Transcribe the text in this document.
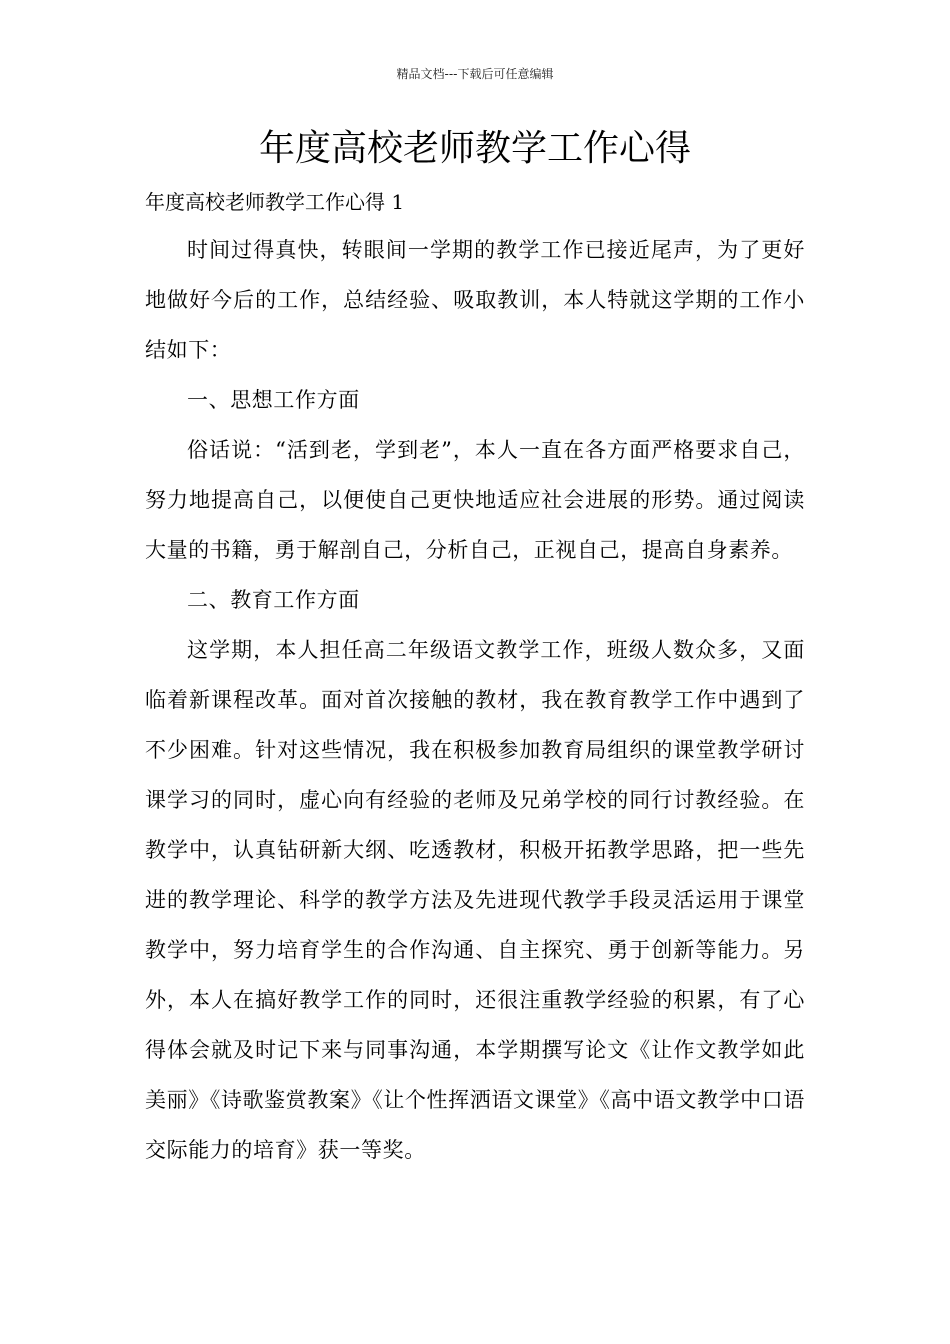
精品文档---下载后可任意编辑
年度高校老师教学工作心得

年度高校老师教学工作心得 1

时间过得真快，转眼间一学期的教学工作已接近尾声，为了更好地做好今后的工作，总结经验、吸取教训，本人特就这学期的工作小结如下：

一、思想工作方面

俗话说：“活到老，学到老”，本人一直在各方面严格要求自己，努力地提高自己，以便使自己更快地适应社会进展的形势。通过阅读大量的书籍，勇于解剖自己，分析自己，正视自己，提高自身素养。

二、教育工作方面

这学期，本人担任高二年级语文教学工作，班级人数众多，又面临着新课程改革。面对首次接触的教材，我在教育教学工作中遇到了不少困难。针对这些情况，我在积极参加教育局组织的课堂教学研讨课学习的同时，虚心向有经验的老师及兄弟学校的同行讨教经验。在教学中，认真钻研新大纲、吃透教材，积极开拓教学思路，把一些先进的教学理论、科学的教学方法及先进现代教学手段灵活运用于课堂教学中，努力培育学生的合作沟通、自主探究、勇于创新等能力。另外，本人在搞好教学工作的同时，还很注重教学经验的积累，有了心得体会就及时记下来与同事沟通，本学期撰写论文《让作文教学如此美丽》《诗歌鉴赏教案》《让个性挥洒语文课堂》《高中语文教学中口语交际能力的培育》获一等奖。
